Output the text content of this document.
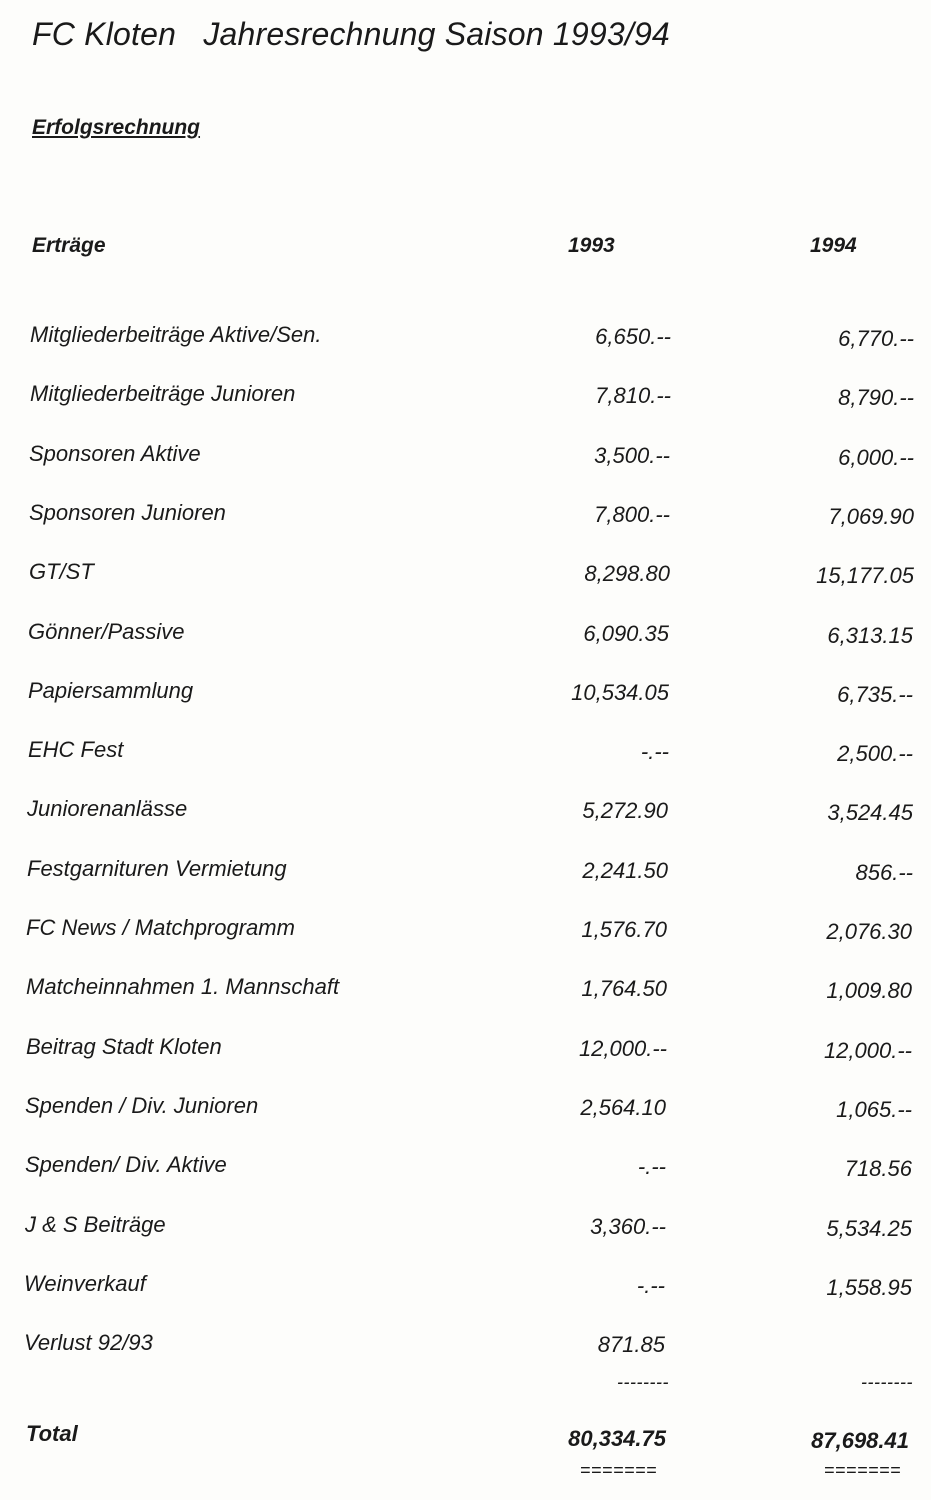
FC Kloten   Jahresrechnung Saison 1993/94
Erfolgsrechnung
Erträge	1993	1994
Mitgliederbeiträge Aktive/Sen.	6,650.--	6,770.--
Mitgliederbeiträge Junioren	7,810.--	8,790.--
Sponsoren Aktive	3,500.--	6,000.--
Sponsoren Junioren	7,800.--	7,069.90
GT/ST	8,298.80	15,177.05
Gönner/Passive	6,090.35	6,313.15
Papiersammlung	10,534.05	6,735.--
EHC Fest	-.--	2,500.--
Juniorenanlässe	5,272.90	3,524.45
Festgarnituren Vermietung	2,241.50	856.--
FC News / Matchprogramm	1,576.70	2,076.30
Matcheinnahmen 1. Mannschaft	1,764.50	1,009.80
Beitrag Stadt Kloten	12,000.--	12,000.--
Spenden / Div. Junioren	2,564.10	1,065.--
Spenden/ Div. Aktive	-.--	718.56
J & S Beiträge	3,360.--	5,534.25
Weinverkauf	-.--	1,558.95
Verlust 92/93	871.85
--------	--------
Total	80,334.75	87,698.41
=======	=======
